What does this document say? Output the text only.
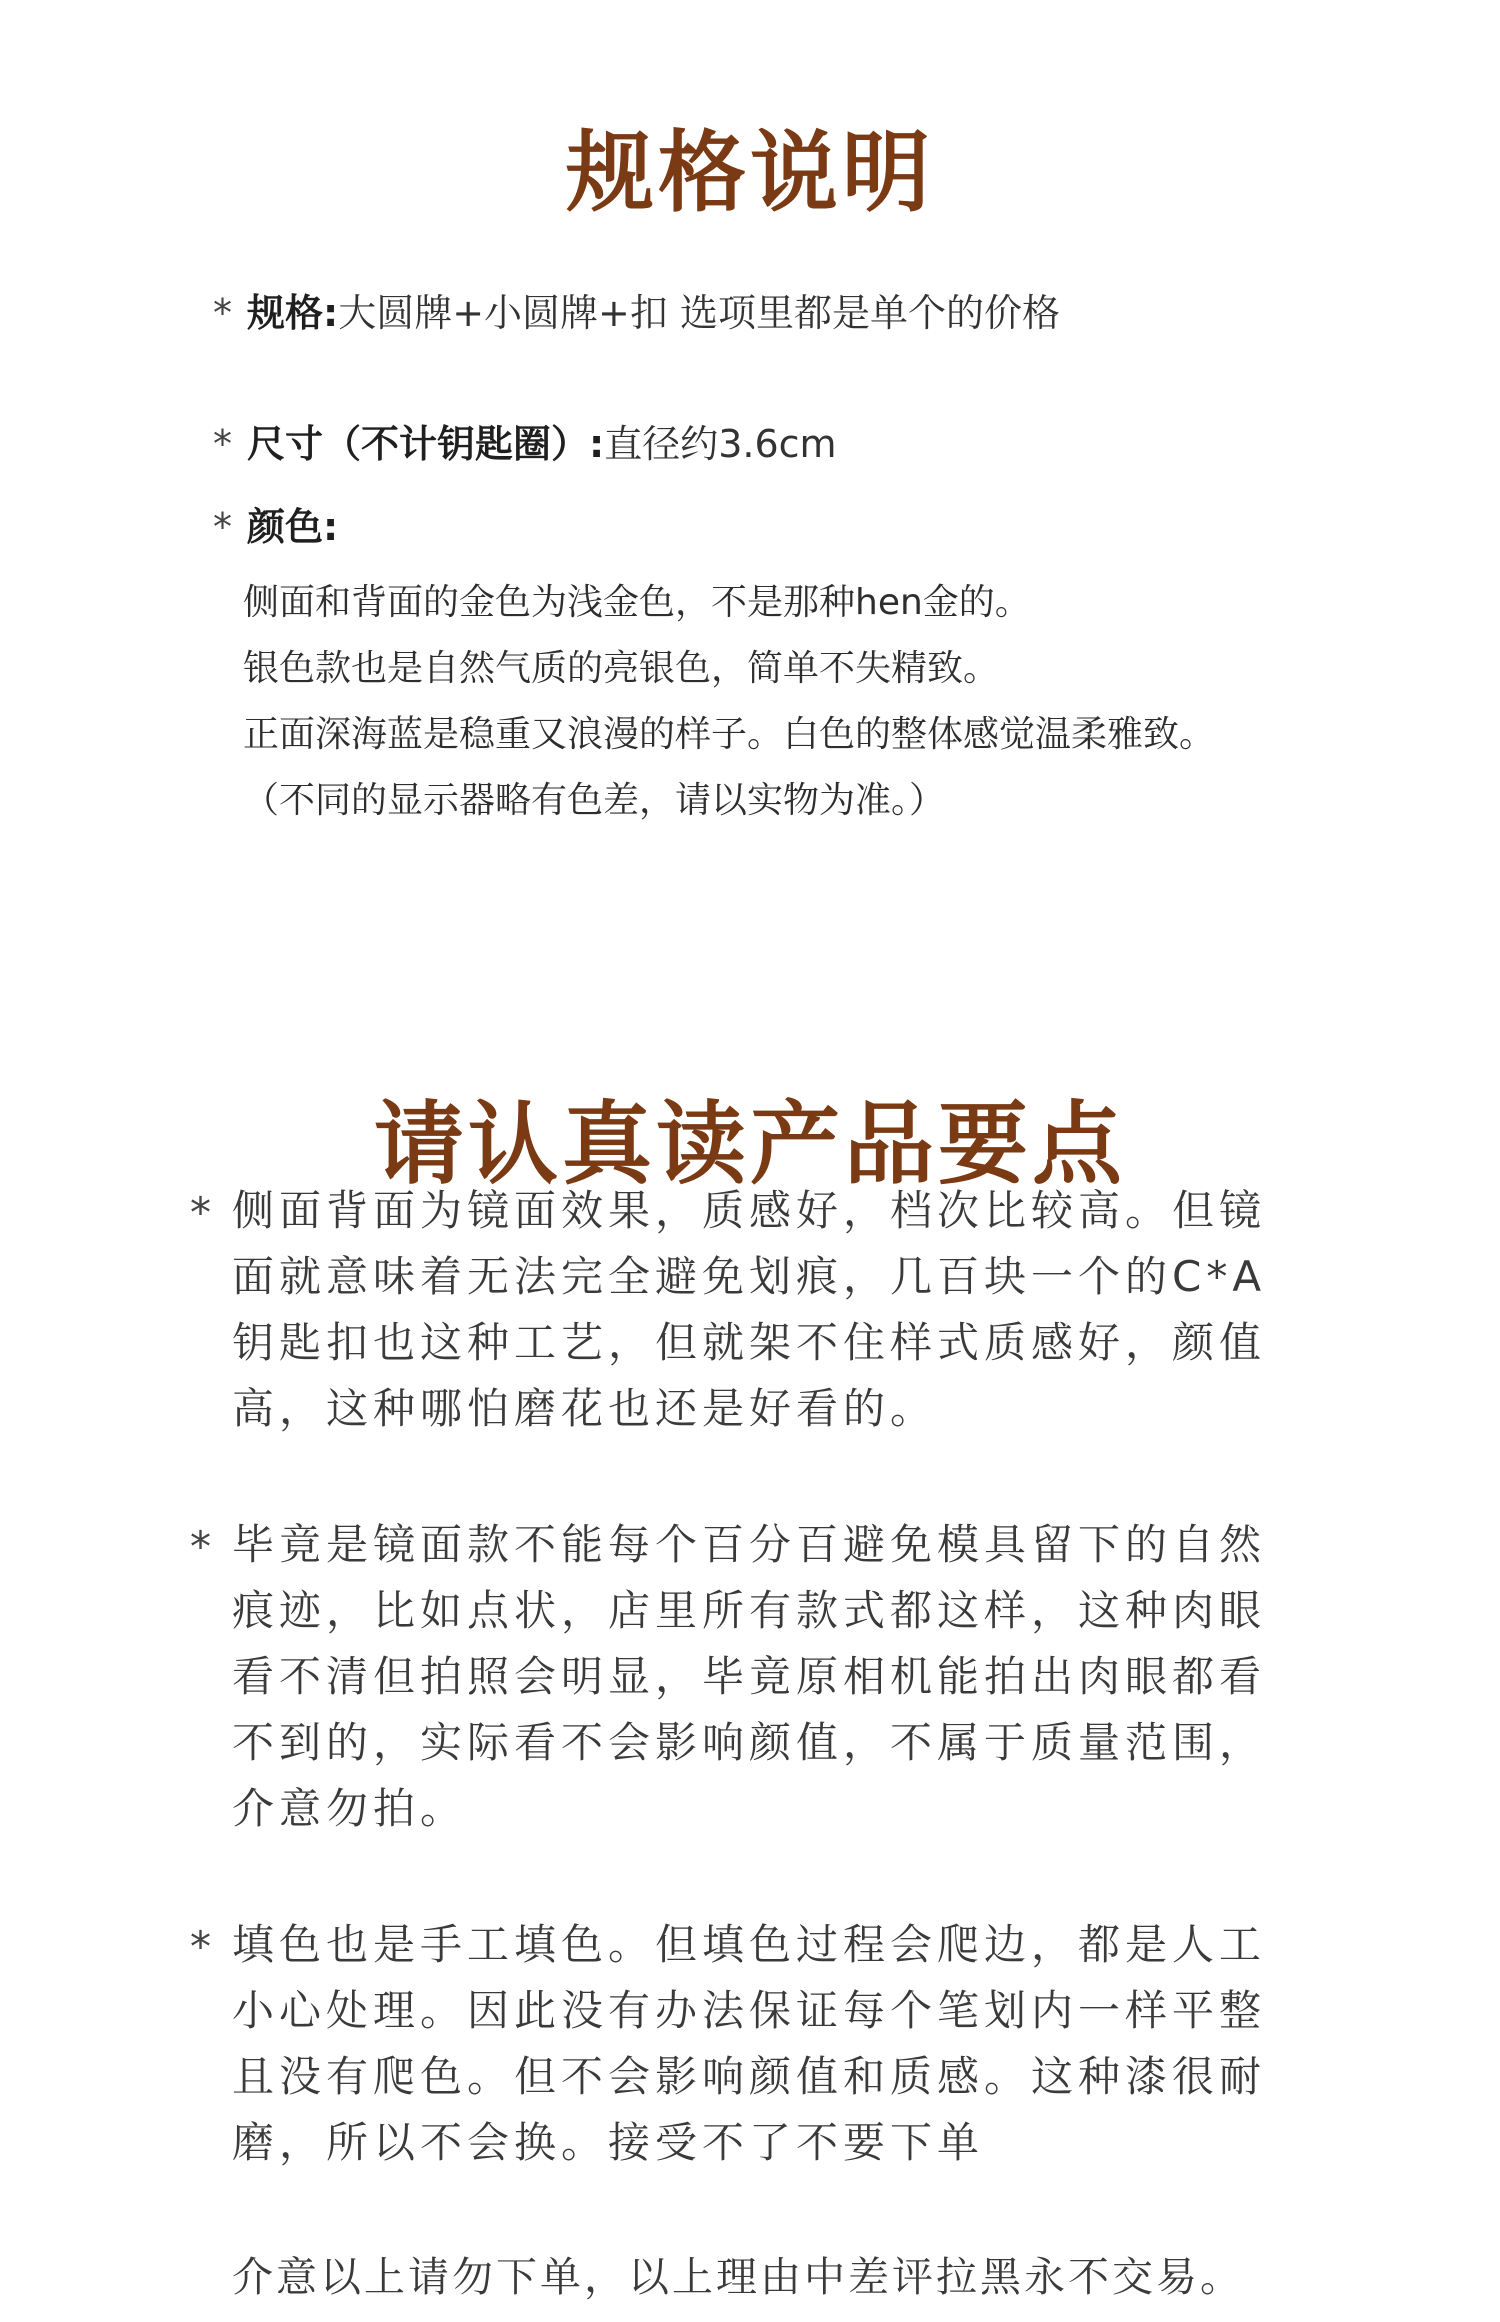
规格说明
* 规格:大圆牌+小圆牌+扣 选项里都是单个的价格
* 尺寸（不计钥匙圈）:直径约3.6cm
* 颜色:
侧面和背面的金色为浅金色，不是那种hen金的。
银色款也是自然气质的亮银色，简单不失精致。
正面深海蓝是稳重又浪漫的样子。白色的整体感觉温柔雅致。
（不同的显示器略有色差，请以实物为准。）
请认真读产品要点
* 侧面背面为镜面效果，质感好，档次比较高。但镜面就意味着无法完全避免划痕，几百块一个的C*A钥匙扣也这种工艺，但就架不住样式质感好，颜值高，这种哪怕磨花也还是好看的。
* 毕竟是镜面款不能每个百分百避免模具留下的自然痕迹，比如点状，店里所有款式都这样，这种肉眼看不清但拍照会明显，毕竟原相机能拍出肉眼都看不到的，实际看不会影响颜值，不属于质量范围，介意勿拍。
* 填色也是手工填色。但填色过程会爬边，都是人工小心处理。因此没有办法保证每个笔划内一样平整且没有爬色。但不会影响颜值和质感。这种漆很耐磨，所以不会换。接受不了不要下单
介意以上请勿下单，以上理由中差评拉黑永不交易。
